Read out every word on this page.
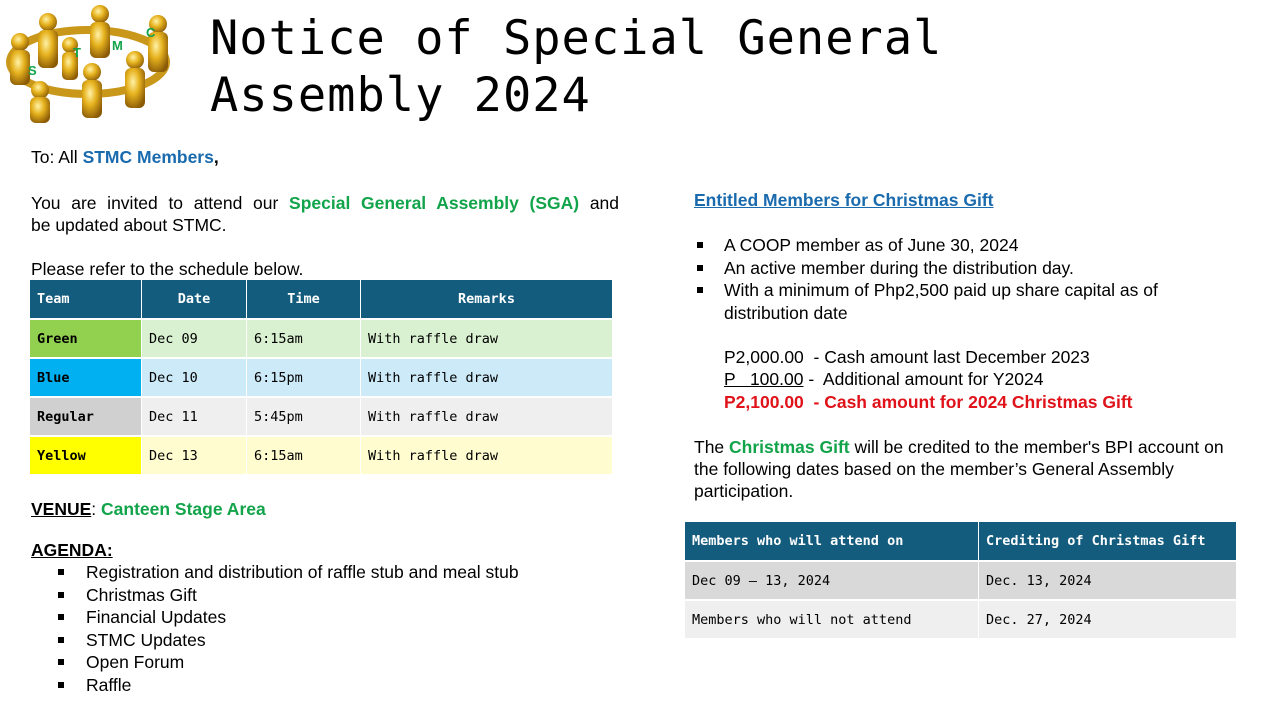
S
T M
C Notice of Special General
Assembly 2024
To: All STMC Members,
You are invited to attend our Special General Assembly (SGA) and
be updated about STMC.
Please refer to the schedule below.
Team	Date	Time	Remarks
Green	Dec 09	6:15am	With raffle draw
Blue	Dec 10	6:15pm	With raffle draw
Regular	Dec 11	5:45pm	With raffle draw
Yellow	Dec 13	6:15am	With raffle draw
VENUE: Canteen Stage Area
AGENDA:
Registration and distribution of raffle stub and meal stub
Christmas Gift
Financial Updates
STMC Updates
Open Forum
Raffle
Entitled Members for Christmas Gift
A COOP member as of June 30, 2024
An active member during the distribution day.
With a minimum of Php2,500 paid up share capital as of distribution date
P2,000.00  - Cash amount last December 2023
P   100.00 -  Additional amount for Y2024
P2,100.00  - Cash amount for 2024 Christmas Gift
The Christmas Gift will be credited to the member's BPI account on the following dates based on the member’s General Assembly participation.
Members who will attend on	Crediting of Christmas Gift
Dec 09 – 13, 2024	Dec. 13, 2024
Members who will not attend	Dec. 27, 2024
